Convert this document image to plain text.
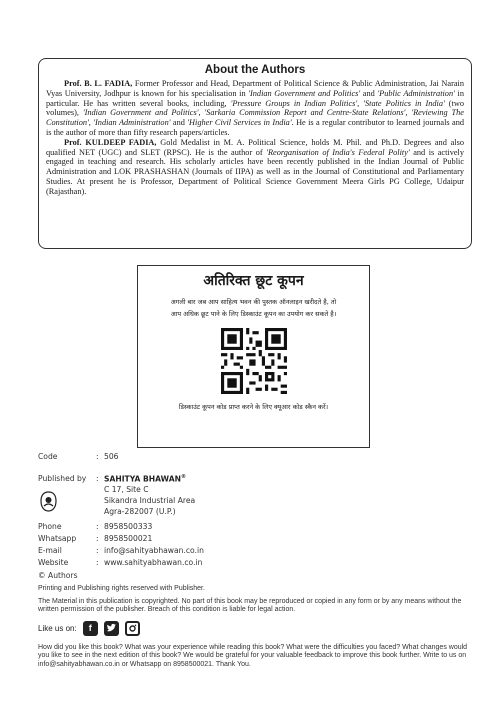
About the Authors

Prof. B. L. FADIA, Former Professor and Head, Department of Political Science & Public Administration, Jai Narain Vyas University, Jodhpur is known for his specialisation in 'Indian Government and Politics' and 'Public Administration' in particular. He has written several books, including, 'Pressure Groups in Indian Politics', 'State Politics in India' (two volumes), 'Indian Government and Politics', 'Sarkaria Commission Report and Centre-State Relations', 'Reviewing The Constitution', 'Indian Administration' and 'Higher Civil Services in India'. He is a regular contributor to learned journals and is the author of more than fifty research papers/articles.

Prof. KULDEEP FADIA, Gold Medalist in M. A. Political Science, holds M. Phil. and Ph.D. Degrees and also qualified NET (UGC) and SLET (RPSC). He is the author of 'Reorganisation of India's Federal Polity' and is actively engaged in teaching and research. His scholarly articles have been recently published in the Indian Journal of Public Administration and LOK PRASHASHAN (Journals of IIPA) as well as in the Journal of Constitutional and Parliamentary Studies. At present he is Professor, Department of Political Science Government Meera Girls PG College, Udaipur (Rajasthan).

अतिरिक्त छूट कूपन
अगली बार जब आप साहित्य भवन की पुस्तक ऑनलाइन खरीदते है, तो
आप अधिक छूट पाने के लिए डिस्काउंट कूपन का उपयोग कर सकते है।
डिस्काउंट कूपन कोड प्राप्त करने के लिए क्यूआर कोड स्कैन करें।
Code	: 506
Published by : SAHITYA BHAWAN®
C 17, Site C
Sikandra Industrial Area
Agra-282007 (U.P.)
Phone	: 8958500333
Whatsapp	: 8958500021
E-mail	: info@sahityabhawan.co.in
Website	: www.sahityabhawan.co.in
© Authors
Printing and Publishing rights reserved with Publisher.
The Material in this publication is copyrighted. No part of this book may be reproduced or copied in any form or by any means without the written permission of the publisher. Breach of this condition is liable for legal action.
Like us on:	f
How did you like this book? What was your experience while reading this book? What were the difficulties you faced? What changes would you like to see in the next edition of this book? We would be grateful for your valuable feedback to improve this book further. Write to us on info@sahityabhawan.co.in or Whatsapp on 8958500021. Thank You.
